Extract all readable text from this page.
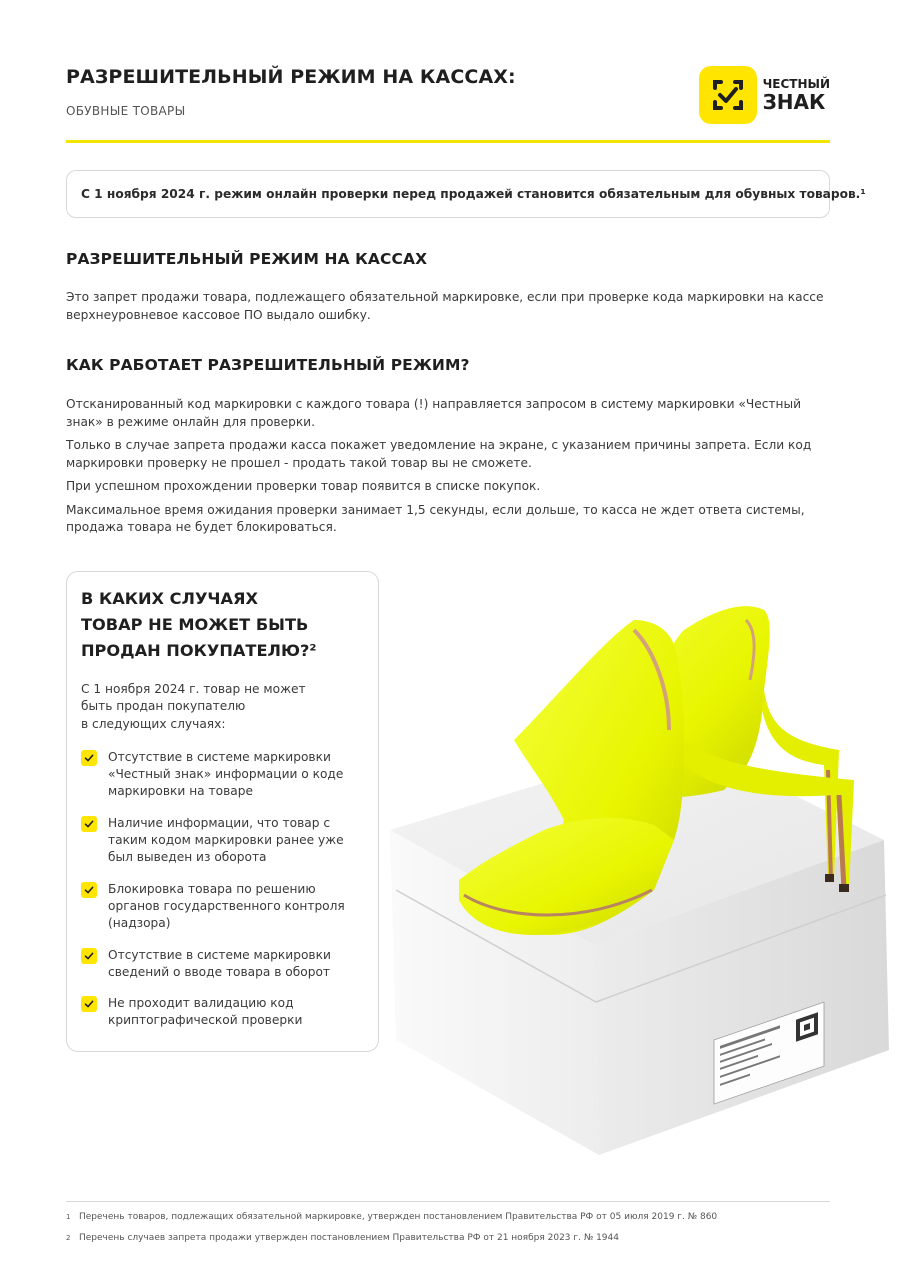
РАЗРЕШИТЕЛЬНЫЙ РЕЖИМ НА КАССАХ:
ОБУВНЫЕ ТОВАРЫ
ЧЕСТНЫЙ
ЗНАК
С 1 ноября 2024 г. режим онлайн проверки перед продажей становится обязательным для обувных товаров.¹
РАЗРЕШИТЕЛЬНЫЙ РЕЖИМ НА КАССАХ

Это запрет продажи товара, подлежащего обязательной маркировке, если при проверке кода маркировки на кассе верхнеуровневое кассовое ПО выдало ошибку.

КАК РАБОТАЕТ РАЗРЕШИТЕЛЬНЫЙ РЕЖИМ?

Отсканированный код маркировки с каждого товара (!) направляется запросом в систему маркировки «Честный знак» в режиме онлайн для проверки.

Только в случае запрета продажи касса покажет уведомление на экране, с указанием причины запрета. Если код маркировки проверку не прошел - продать такой товар вы не сможете.

При успешном прохождении проверки товар появится в списке покупок.

Максимальное время ожидания проверки занимает 1,5 секунды, если дольше, то касса не ждет ответа системы, продажа товара не будет блокироваться.

В КАКИХ СЛУЧАЯХ
ТОВАР НЕ МОЖЕТ БЫТЬ
ПРОДАН ПОКУПАТЕЛЮ?²
С 1 ноября 2024 г. товар не может
быть продан покупателю
в следующих случаях:
Отсутствие в системе маркировки
«Честный знак» информации о коде
маркировки на товаре
Наличие информации, что товар с
таким кодом маркировки ранее уже
был выведен из оборота
Блокировка товара по решению
органов государственного контроля
(надзора)
Отсутствие в системе маркировки
сведений о вводе товара в оборот
Не проходит валидацию код
криптографической проверки
1 Перечень товаров, подлежащих обязательной маркировке, утвержден постановлением Правительства РФ от 05 июля 2019 г. № 860
2 Перечень случаев запрета продажи утвержден постановлением Правительства РФ от 21 ноября 2023 г. № 1944
